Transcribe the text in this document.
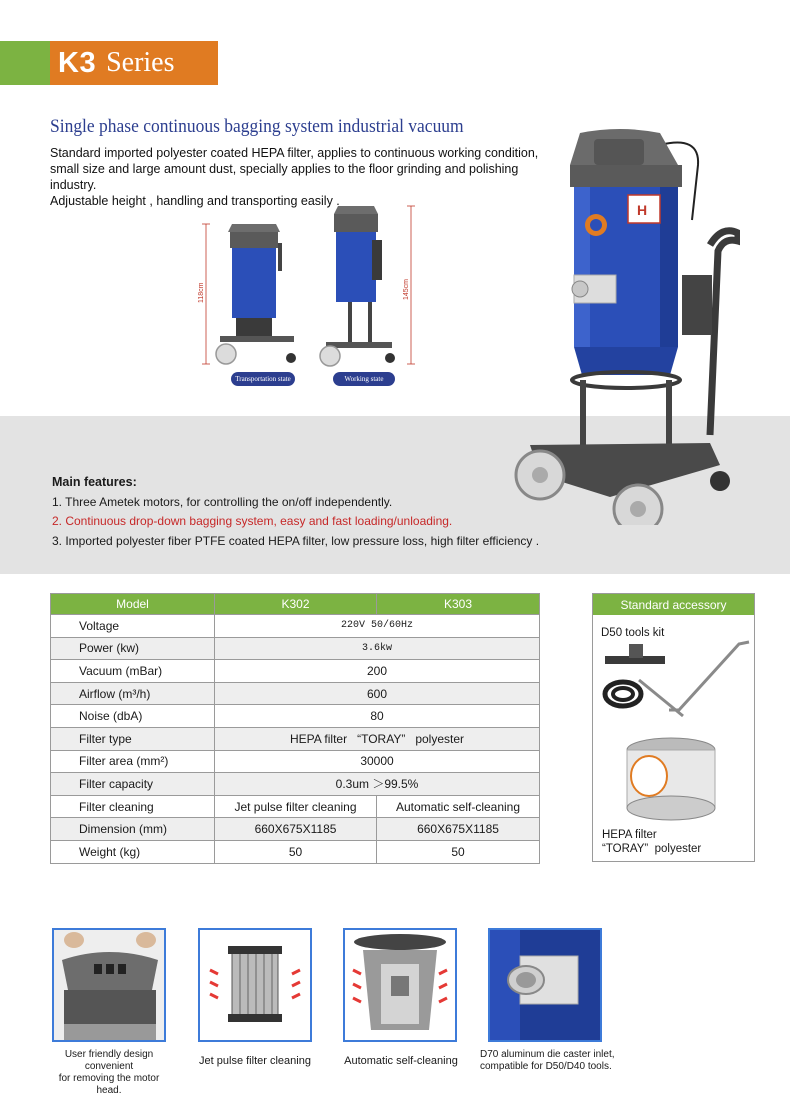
K3 Series
Single phase continuous bagging system industrial vacuum

Standard imported polyester coated HEPA filter, applies to continuous working condition,

small size and large amount dust, specially applies to the floor grinding and polishing industry.

Adjustable height , handling and transporting easily .

118cm	145cm
Transportation state	Working state
Main features:
1. Three Ametek motors, for controlling the on/off independently.
2. Continuous drop-down bagging system, easy and fast loading/unloading.
3. Imported polyester fiber PTFE coated HEPA filter, low pressure loss, high filter efficiency .
H
Model	K302	K303
Voltage	220V 50/60Hz	
Power (kw)	3.6kw	
Vacuum (mBar)	200	
Airflow (m³/h)	600	
Noise (dbA)	80	
Filter type	HEPA filter   “TORAY”   polyester	
Filter area (mm²)	30000	
Filter capacity	0.3um ＞99.5%	
Filter cleaning	Jet pulse filter cleaning	Automatic self-cleaning
Dimension (mm)	660X675X1185	660X675X1185
Weight (kg)	50	50
Standard accessory
D50 tools kit
HEPA filter
“TORAY”  polyester
User friendly design convenient
for removing the motor head.
Jet pulse filter cleaning	Automatic self-cleaning
D70 aluminum die caster inlet,
compatible for D50/D40 tools.
